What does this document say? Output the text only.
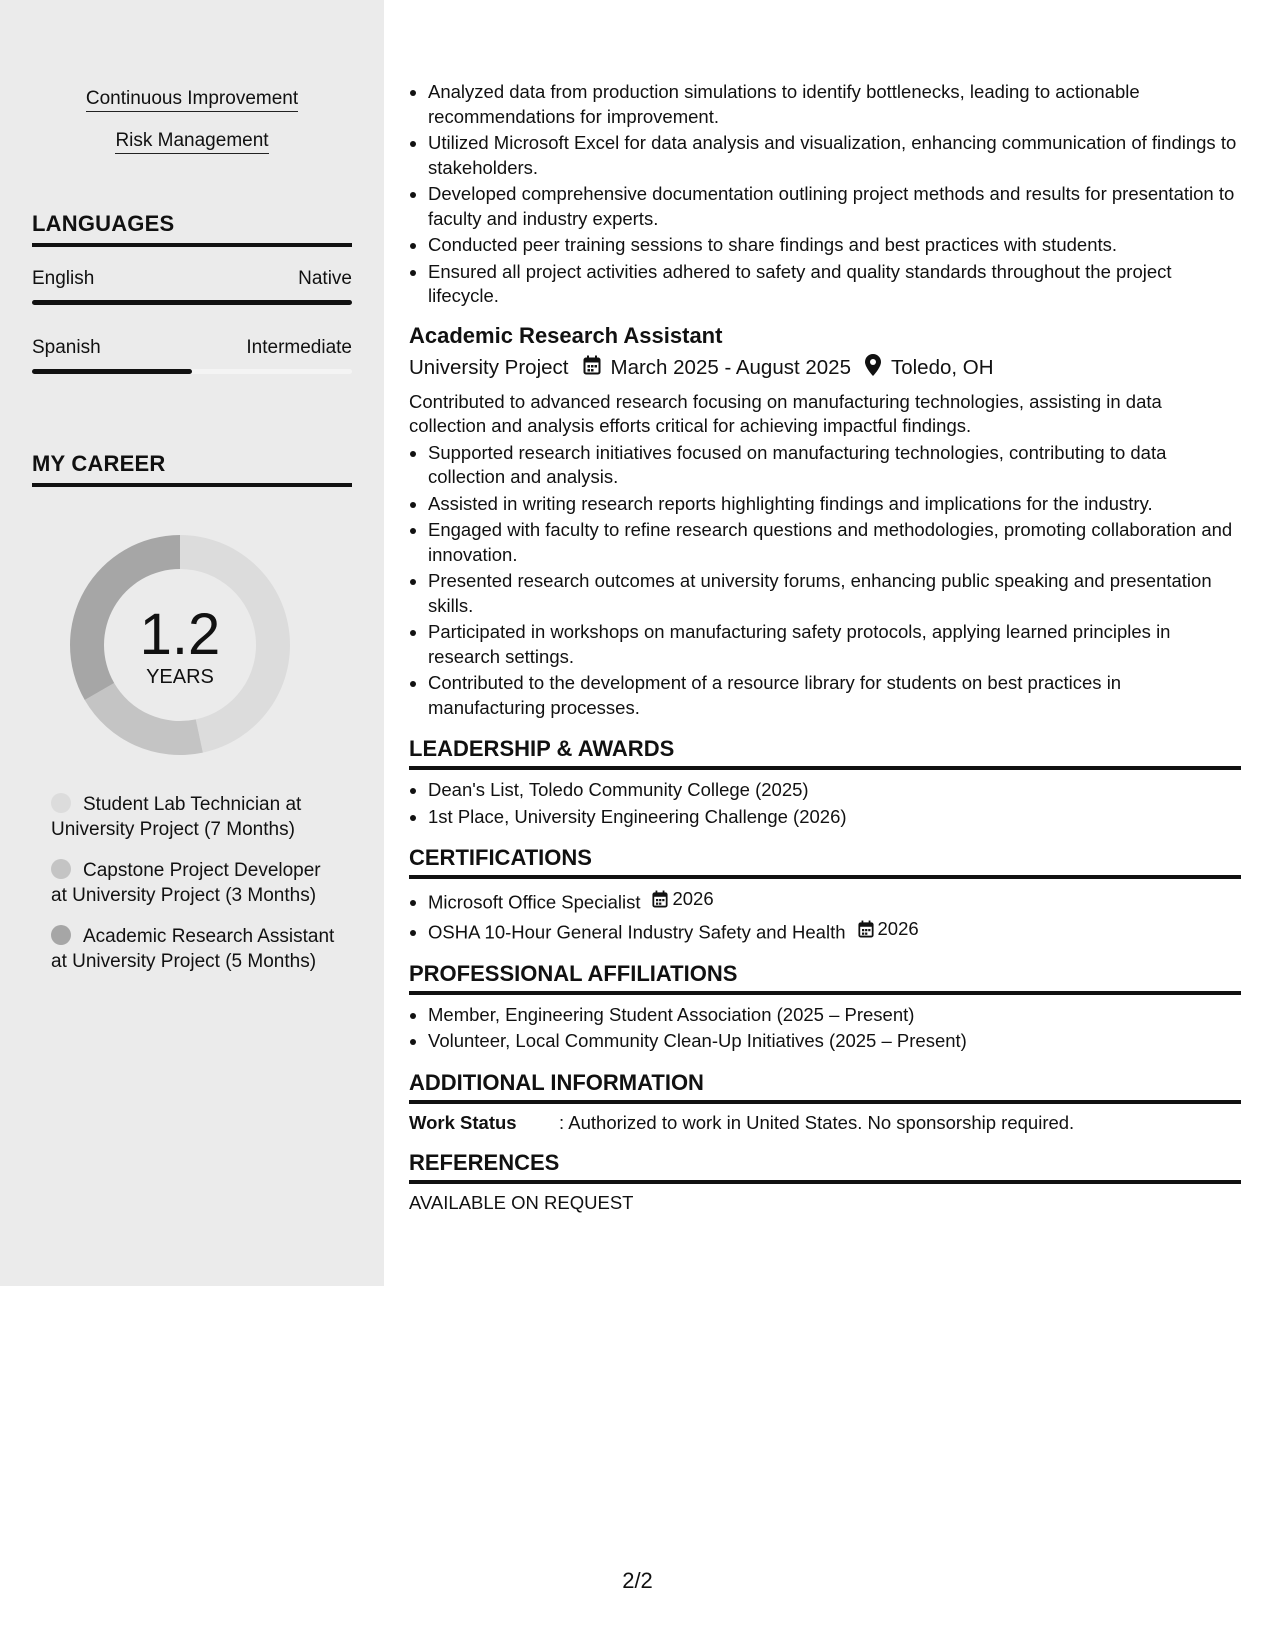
Continuous Improvement
Risk Management
LANGUAGES
English	Native
Spanish	Intermediate
MY CAREER
1.2
YEARS
Student Lab Technician at University Project (7 Months)
Capstone Project Developer at University Project (3 Months)
Academic Research Assistant at University Project (5 Months)
• Analyzed data from production simulations to identify bottlenecks, leading to actionable recommendations for improvement.
• Utilized Microsoft Excel for data analysis and visualization, enhancing communication of findings to stakeholders.
• Developed comprehensive documentation outlining project methods and results for presentation to faculty and industry experts.
• Conducted peer training sessions to share findings and best practices with students.
• Ensured all project activities adhered to safety and quality standards throughout the project lifecycle.
Academic Research Assistant
University Project March 2025 - August 2025 Toledo, OH
Contributed to advanced research focusing on manufacturing technologies, assisting in data collection and analysis efforts critical for achieving impactful findings.
• Supported research initiatives focused on manufacturing technologies, contributing to data collection and analysis.
• Assisted in writing research reports highlighting findings and implications for the industry.
• Engaged with faculty to refine research questions and methodologies, promoting collaboration and innovation.
• Presented research outcomes at university forums, enhancing public speaking and presentation skills.
• Participated in workshops on manufacturing safety protocols, applying learned principles in research settings.
• Contributed to the development of a resource library for students on best practices in manufacturing processes.
LEADERSHIP & AWARDS
• Dean's List, Toledo Community College (2025)
• 1st Place, University Engineering Challenge (2026)
CERTIFICATIONS
• Microsoft Office Specialist 2026
• OSHA 10-Hour General Industry Safety and Health 2026
PROFESSIONAL AFFILIATIONS
• Member, Engineering Student Association (2025 – Present)
• Volunteer, Local Community Clean-Up Initiatives (2025 – Present)
ADDITIONAL INFORMATION
Work Status	: Authorized to work in United States. No sponsorship required.
REFERENCES
AVAILABLE ON REQUEST
2/2
